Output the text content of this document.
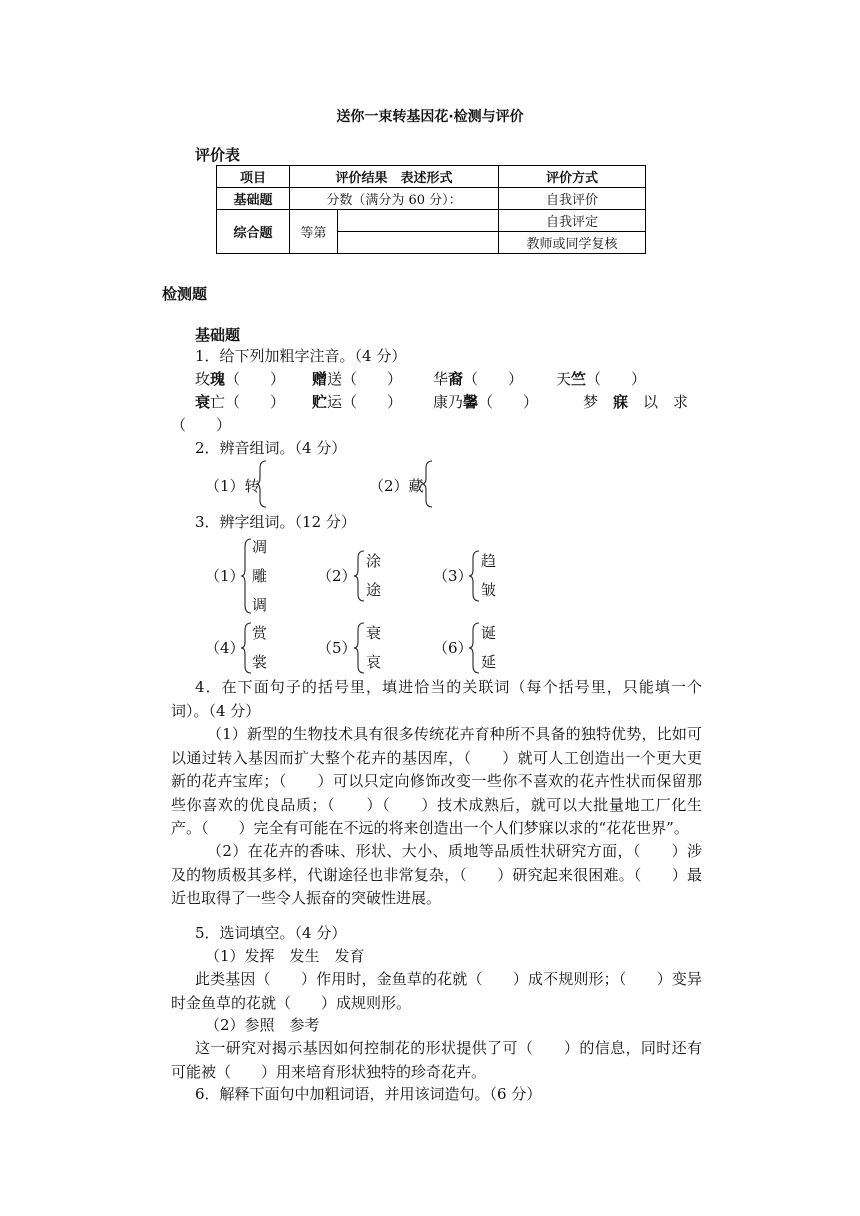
送你一束转基因花·检测与评价
评价表
项目	评价结果　表述形式		评价方式
基础题	分数（满分为 60 分）：		自我评价
综合题	等第		自我评定
			教师或同学复核
检测题
基础题
1．给下列加粗字注音。（4 分）
玫瑰（　　） 赠送（　　） 华裔（　　） 天竺（　　）
衰亡（　　） 贮运（　　） 康乃馨（　　）	梦　寐　以　求
（　　）
2．辨音组词。（4 分）
（1）转	（2）藏
3．辨字组词。（12 分）
（1）
凋
雕
调
（2）
涂
途
（3）
趋
皱
（4）
赏
裳
（5）
衰
哀
（6）
诞
延
4．在下面句子的括号里，填进恰当的关联词（每个括号里，只能填一个词）。（4 分）
（1）新型的生物技术具有很多传统花卉育种所不具备的独特优势，比如可以通过转入基因而扩大整个花卉的基因库，（　　）就可人工创造出一个更大更新的花卉宝库；（　　）可以只定向修饰改变一些你不喜欢的花卉性状而保留那些你喜欢的优良品质；（　　）（　　）技术成熟后，就可以大批量地工厂化生产。（　　）完全有可能在不远的将来创造出一个人们梦寐以求的“花花世界”。
（2）在花卉的香味、形状、大小、质地等品质性状研究方面，（　　）涉及的物质极其多样，代谢途径也非常复杂，（　　）研究起来很困难。（　　）最近也取得了一些令人振奋的突破性进展。
5．选词填空。（4 分）
（1）发挥　发生　发育
此类基因（　　）作用时，金鱼草的花就（　　）成不规则形；（　　）变异时金鱼草的花就（　　）成规则形。
（2）参照　参考
这一研究对揭示基因如何控制花的形状提供了可（　　）的信息，同时还有可能被（　　）用来培育形状独特的珍奇花卉。
6．解释下面句中加粗词语，并用该词造句。（6 分）
